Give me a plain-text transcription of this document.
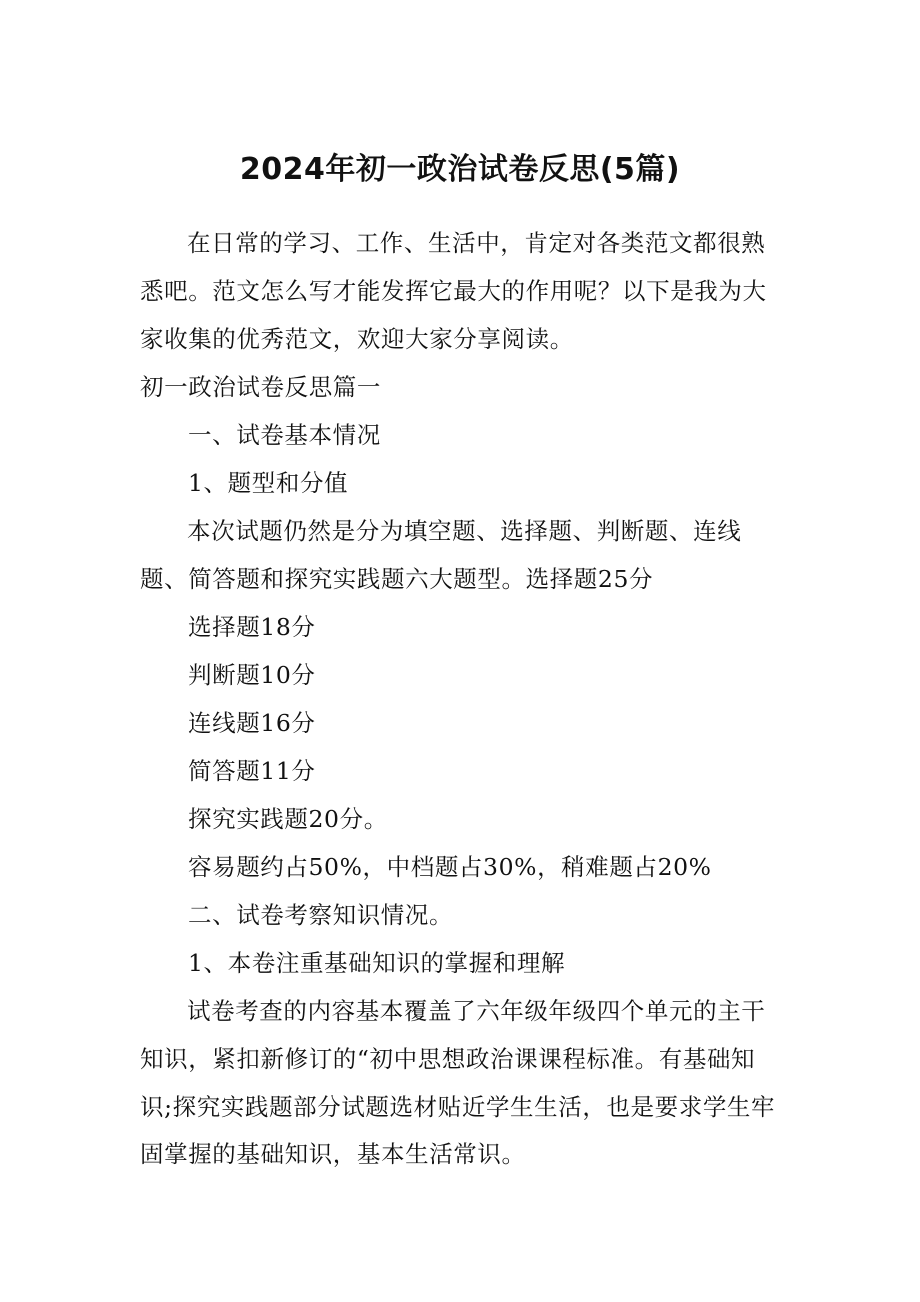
2024年初一政治试卷反思(5篇)

在日常的学习、工作、生活中，肯定对各类范文都很熟悉吧。范文怎么写才能发挥它最大的作用呢？以下是我为大家收集的优秀范文，欢迎大家分享阅读。

初一政治试卷反思篇一
一、试卷基本情况
1、题型和分值

本次试题仍然是分为填空题、选择题、判断题、连线题、简答题和探究实践题六大题型。选择题25分

选择题18分
判断题10分
连线题16分
简答题11分
探究实践题20分。
容易题约占50%，中档题占30%，稍难题占20%
二、试卷考察知识情况。
1、本卷注重基础知识的掌握和理解

试卷考查的内容基本覆盖了六年级年级四个单元的主干知识，紧扣新修订的“初中思想政治课课程标准。有基础知识;探究实践题部分试题选材贴近学生生活，也是要求学生牢固掌握的基础知识，基本生活常识。
